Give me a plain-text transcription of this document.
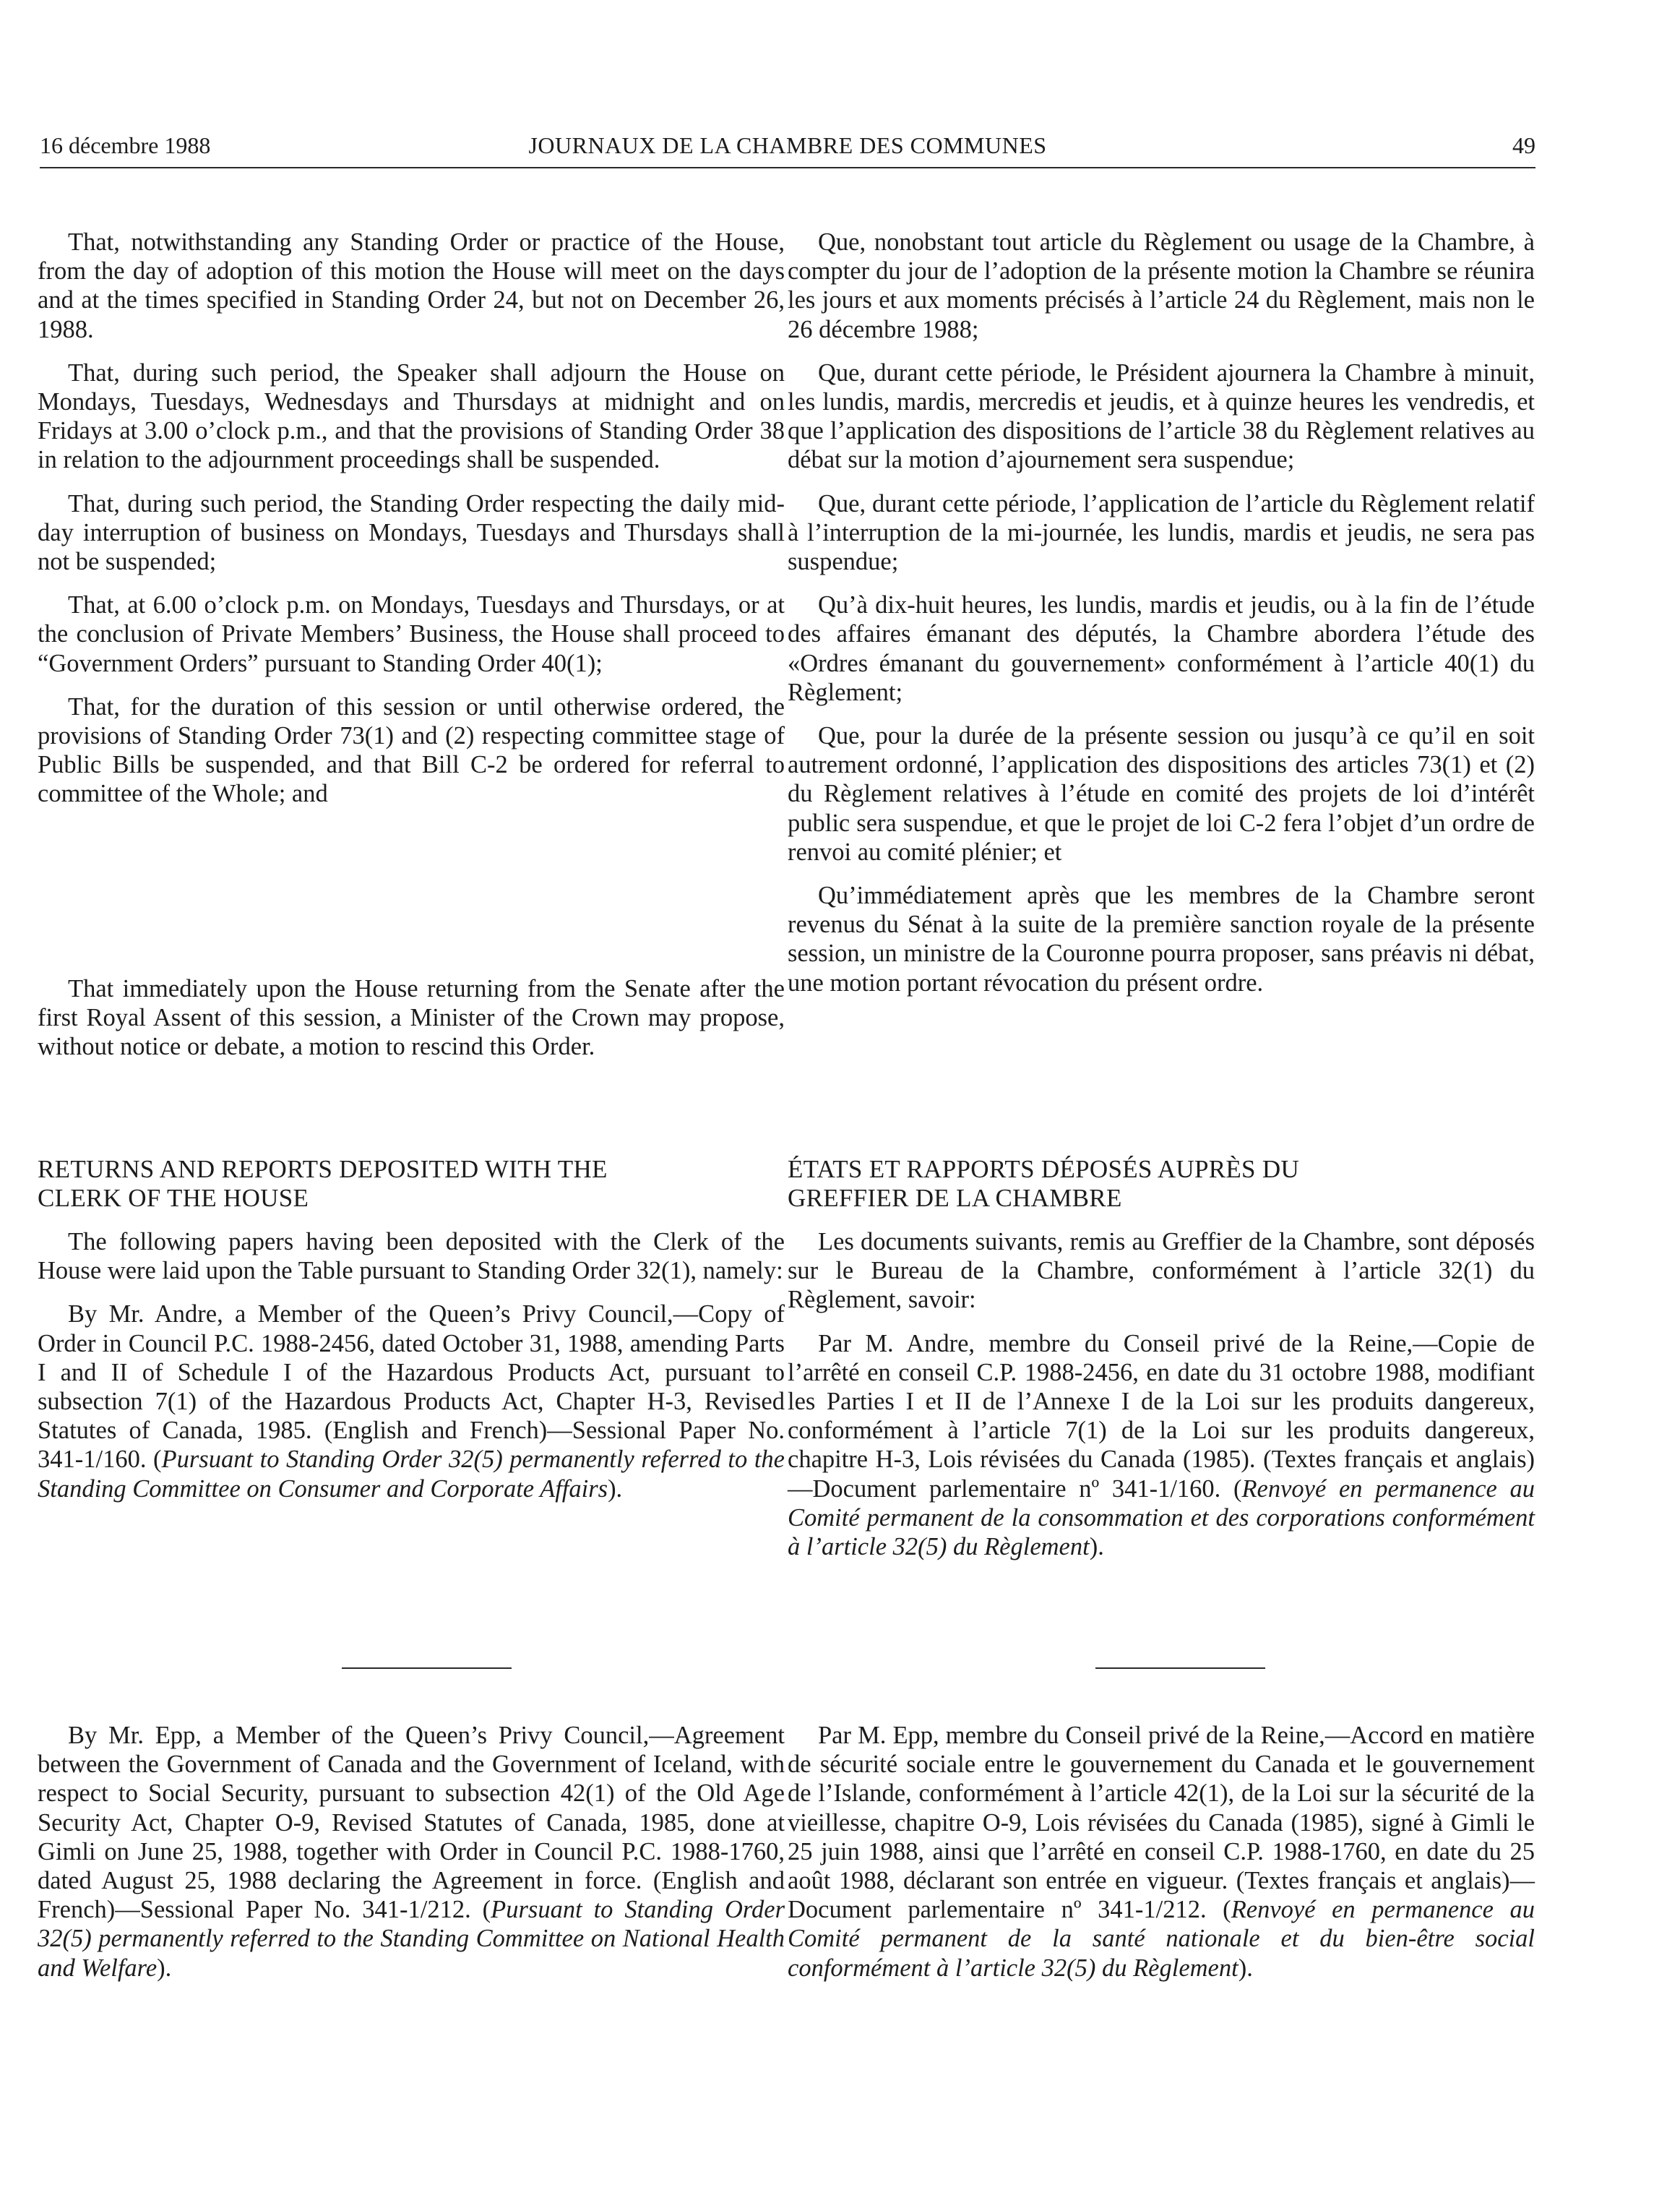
16 décembre 1988	JOURNAUX DE LA CHAMBRE DES COMMUNES	49

That, notwithstanding any Standing Order or practice of the House, from the day of adoption of this motion the House will meet on the days and at the times specified in Standing Order 24, but not on December 26, 1988.

That, during such period, the Speaker shall adjourn the House on Mondays, Tuesdays, Wednesdays and Thursdays at midnight and on Fridays at 3.00 o’clock p.m., and that the provisions of Standing Order 38 in relation to the adjournment proceedings shall be suspended.

That, during such period, the Standing Order respecting the daily mid-day interruption of business on Mondays, Tuesdays and Thursdays shall not be suspended;

That, at 6.00 o’clock p.m. on Mondays, Tuesdays and Thursdays, or at the conclusion of Private Members’ Business, the House shall proceed to “Government Orders” pursuant to Standing Order 40(1);

That, for the duration of this session or until otherwise ordered, the provisions of Standing Order 73(1) and (2) respecting committee stage of Public Bills be suspended, and that Bill C-2 be ordered for referral to committee of the Whole; and

That immediately upon the House returning from the Senate after the first Royal Assent of this session, a Minister of the Crown may propose, without notice or debate, a motion to rescind this Order.

RETURNS AND REPORTS DEPOSITED WITH THE
CLERK OF THE HOUSE

The following papers having been deposited with the Clerk of the House were laid upon the Table pursuant to Standing Order 32(1), namely:

By Mr. Andre, a Member of the Queen’s Privy Council,—Copy of Order in Council P.C. 1988-2456, dated October 31, 1988, amending Parts I and II of Schedule I of the Hazardous Products Act, pursuant to subsection 7(1) of the Hazardous Products Act, Chapter H-3, Revised Statutes of Canada, 1985. (English and French)—Sessional Paper No. 341-1/160. (Pursuant to Standing Order 32(5) permanently referred to the Standing Committee on Consumer and Corporate Affairs).

By Mr. Epp, a Member of the Queen’s Privy Council,—Agreement between the Government of Canada and the Government of Iceland, with respect to Social Security, pursuant to subsection 42(1) of the Old Age Security Act, Chapter O-9, Revised Statutes of Canada, 1985, done at Gimli on June 25, 1988, together with Order in Council P.C. 1988-1760, dated August 25, 1988 declaring the Agreement in force. (English and French)—Sessional Paper No. 341-1/212. (Pursuant to Standing Order 32(5) permanently referred to the Standing Committee on National Health and Welfare).

Que, nonobstant tout article du Règlement ou usage de la Chambre, à compter du jour de l’adoption de la présente motion la Chambre se réunira les jours et aux moments précisés à l’article 24 du Règlement, mais non le 26 décembre 1988;

Que, durant cette période, le Président ajournera la Chambre à minuit, les lundis, mardis, mercredis et jeudis, et à quinze heures les vendredis, et que l’application des dispositions de l’article 38 du Règlement relatives au débat sur la motion d’ajournement sera suspendue;

Que, durant cette période, l’application de l’article du Règlement relatif à l’interruption de la mi-journée, les lundis, mardis et jeudis, ne sera pas suspendue;

Qu’à dix-huit heures, les lundis, mardis et jeudis, ou à la fin de l’étude des affaires émanant des députés, la Chambre abordera l’étude des «Ordres émanant du gouvernement» conformément à l’article 40(1) du Règlement;

Que, pour la durée de la présente session ou jusqu’à ce qu’il en soit autrement ordonné, l’application des dispositions des articles 73(1) et (2) du Règlement relatives à l’étude en comité des projets de loi d’intérêt public sera suspendue, et que le projet de loi C-2 fera l’objet d’un ordre de renvoi au comité plénier; et

Qu’immédiatement après que les membres de la Chambre seront revenus du Sénat à la suite de la première sanction royale de la présente session, un ministre de la Couronne pourra proposer, sans préavis ni débat, une motion portant révocation du présent ordre.

ÉTATS ET RAPPORTS DÉPOSÉS AUPRÈS DU
GREFFIER DE LA CHAMBRE

Les documents suivants, remis au Greffier de la Chambre, sont déposés sur le Bureau de la Chambre, conformément à l’article 32(1) du Règlement, savoir:

Par M. Andre, membre du Conseil privé de la Reine,—Copie de l’arrêté en conseil C.P. 1988-2456, en date du 31 octobre 1988, modifiant les Parties I et II de l’Annexe I de la Loi sur les produits dangereux, conformément à l’article 7(1) de la Loi sur les produits dangereux, chapitre H-3, Lois révisées du Canada (1985). (Textes français et anglais)—Document parlementaire nº 341-1/160. (Renvoyé en permanence au Comité permanent de la consommation et des corporations conformément à l’article 32(5) du Règlement).

Par M. Epp, membre du Conseil privé de la Reine,—Accord en matière de sécurité sociale entre le gouvernement du Canada et le gouvernement de l’Islande, conformément à l’article 42(1), de la Loi sur la sécurité de la vieillesse, chapitre O-9, Lois révisées du Canada (1985), signé à Gimli le 25 juin 1988, ainsi que l’arrêté en conseil C.P. 1988-1760, en date du 25 août 1988, déclarant son entrée en vigueur. (Textes français et anglais)—Document parlementaire nº 341-1/212. (Renvoyé en permanence au Comité permanent de la santé nationale et du bien-être social conformément à l’article 32(5) du Règlement).
